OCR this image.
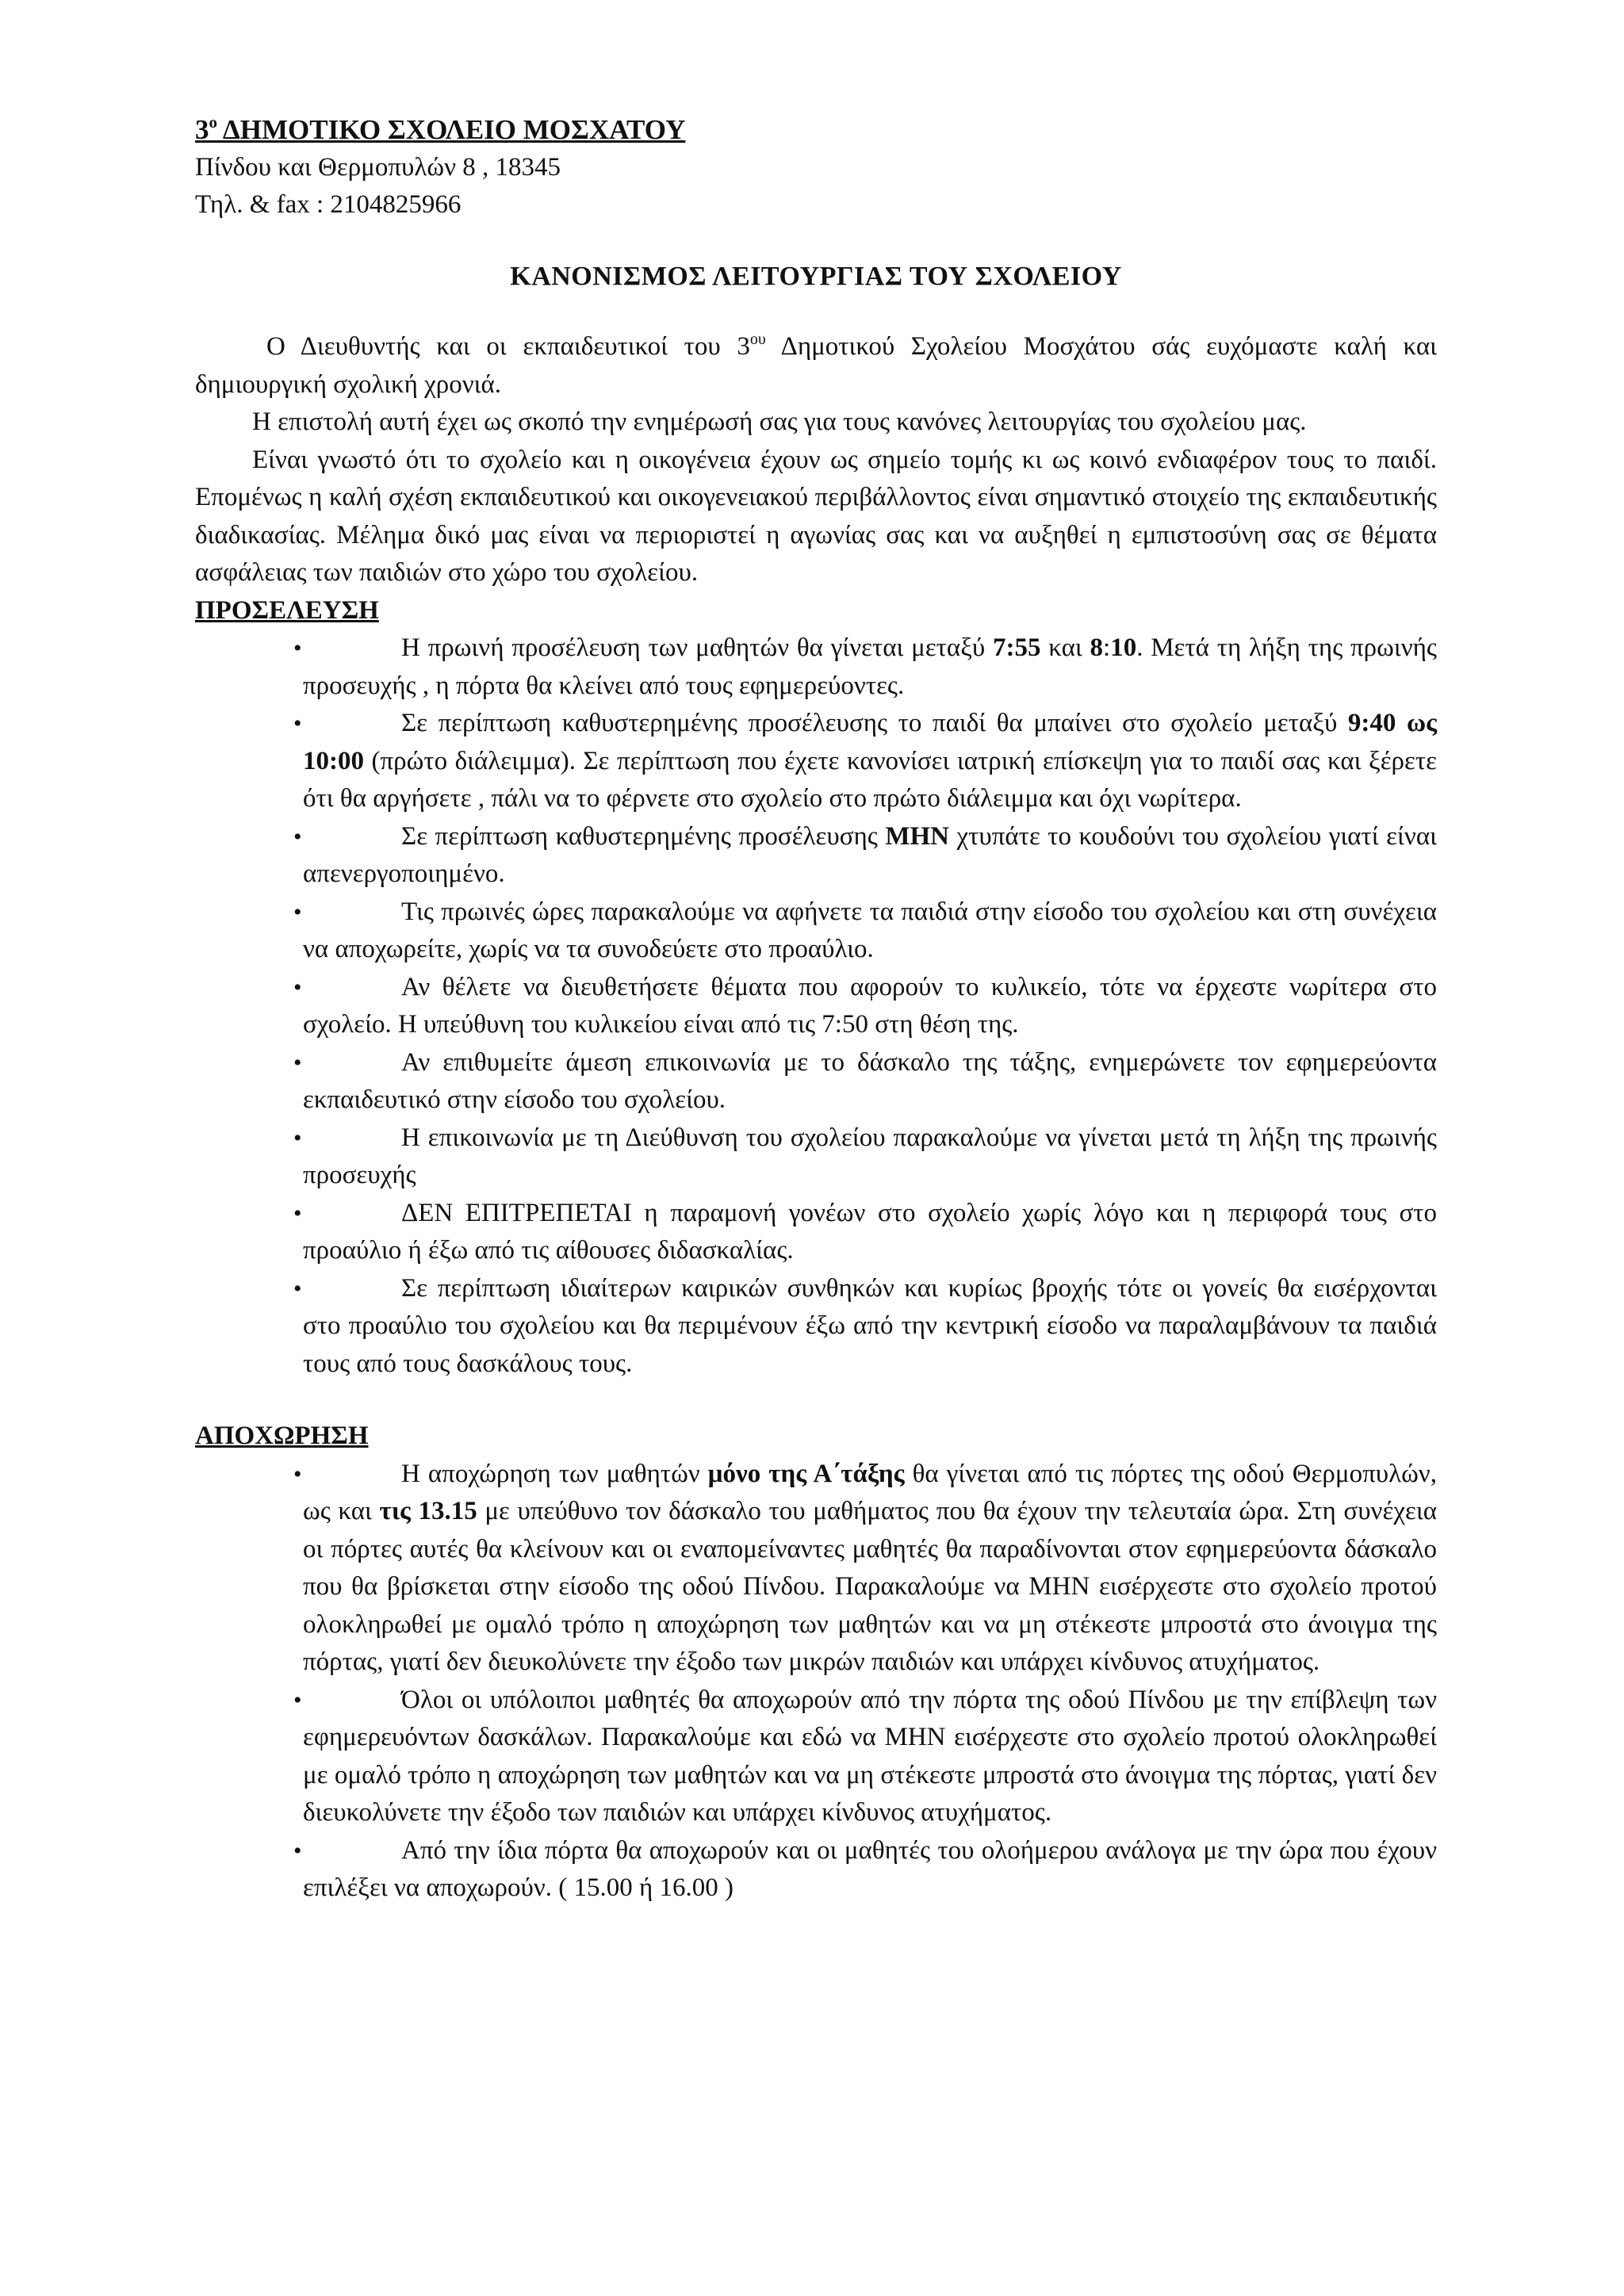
$3^o$ ΔΗΜΟΤΙΚΟ ΣΧΟΛΕΙΟ ΜΟΣΧΑΤΟΥ

Πίνδου και Θερμοπυλών 8 , 18345

Τηλ. & fax : 2104825966

ΚΑΝΟΝΙΣΜΟΣ ΛΕΙΤΟΥΡΓΙΑΣ ΤΟΥ ΣΧΟΛΕΙΟΥ

Ο Διευθυντής και οι εκπαιδευτικοί του $3^{o\upsilon}$ Δημοτικού Σχολείου Μοσχάτου σάς ευχόμαστε καλή και δημιουργική σχολική χρονιά.

Η επιστολή αυτή έχει ως σκοπό την ενημέρωσή σας για τους κανόνες λειτουργίας του σχολείου μας.

Είναι γνωστό ότι το σχολείο και η οικογένεια έχουν ως σημείο τομής κι ως κοινό ενδιαφέρον τους το παιδί. Επομένως η καλή σχέση εκπαιδευτικού και οικογενειακού περιβάλλοντος είναι σημαντικό στοιχείο της εκπαιδευτικής διαδικασίας. Μέλημα δικό μας είναι να περιοριστεί η αγωνίας σας και να αυξηθεί η εμπιστοσύνη σας σε θέματα ασφάλειας των παιδιών στο χώρο του σχολείου.

ΠΡΟΣΕΛΕΥΣΗ

•	Η πρωινή προσέλευση των μαθητών θα γίνεται μεταξύ 7:55 και 8:10. Μετά τη λήξη της πρωινής προσευχής , η πόρτα θα κλείνει από τους εφημερεύοντες.
•	Σε περίπτωση καθυστερημένης προσέλευσης το παιδί θα μπαίνει στο σχολείο μεταξύ 9:40 ως 10:00 (πρώτο διάλειμμα). Σε περίπτωση που έχετε κανονίσει ιατρική επίσκεψη για το παιδί σας και ξέρετε ότι θα αργήσετε , πάλι να το φέρνετε στο σχολείο στο πρώτο διάλειμμα και όχι νωρίτερα.
•	Σε περίπτωση καθυστερημένης προσέλευσης ΜΗΝ χτυπάτε το κουδούνι του σχολείου γιατί είναι απενεργοποιημένο.
•	Τις πρωινές ώρες παρακαλούμε να αφήνετε τα παιδιά στην είσοδο του σχολείου και στη συνέχεια να αποχωρείτε, χωρίς να τα συνοδεύετε στο προαύλιο.
•	Αν θέλετε να διευθετήσετε θέματα που αφορούν το κυλικείο, τότε να έρχεστε νωρίτερα στο σχολείο. Η υπεύθυνη του κυλικείου είναι από τις 7:50 στη θέση της.
•	Αν επιθυμείτε άμεση επικοινωνία με το δάσκαλο της τάξης, ενημερώνετε τον εφημερεύοντα εκπαιδευτικό στην είσοδο του σχολείου.
•	Η επικοινωνία με τη Διεύθυνση του σχολείου παρακαλούμε να γίνεται μετά τη λήξη της πρωινής προσευχής
•	ΔΕΝ ΕΠΙΤΡΕΠΕΤΑΙ η παραμονή γονέων στο σχολείο χωρίς λόγο και η περιφορά τους στο προαύλιο ή έξω από τις αίθουσες διδασκαλίας.
•	Σε περίπτωση ιδιαίτερων καιρικών συνθηκών και κυρίως βροχής τότε οι γονείς θα εισέρχονται στο προαύλιο του σχολείου και θα περιμένουν έξω από την κεντρική είσοδο να παραλαμβάνουν τα παιδιά τους από τους δασκάλους τους.

ΑΠΟΧΩΡΗΣΗ

•	Η αποχώρηση των μαθητών μόνο της Α΄τάξης θα γίνεται από τις πόρτες της οδού Θερμοπυλών, ως και τις 13.15 με υπεύθυνο τον δάσκαλο του μαθήματος που θα έχουν την τελευταία ώρα. Στη συνέχεια οι πόρτες αυτές θα κλείνουν και οι εναπομείναντες μαθητές θα παραδίνονται στον εφημερεύοντα δάσκαλο που θα βρίσκεται στην είσοδο της οδού Πίνδου. Παρακαλούμε να ΜΗΝ εισέρχεστε στο σχολείο προτού ολοκληρωθεί με ομαλό τρόπο η αποχώρηση των μαθητών και να μη στέκεστε μπροστά στο άνοιγμα της πόρτας, γιατί δεν διευκολύνετε την έξοδο των μικρών παιδιών και υπάρχει κίνδυνος ατυχήματος.
•	Όλοι οι υπόλοιποι μαθητές θα αποχωρούν από την πόρτα της οδού Πίνδου με την επίβλεψη των εφημερευόντων δασκάλων. Παρακαλούμε και εδώ να ΜΗΝ εισέρχεστε στο σχολείο προτού ολοκληρωθεί με ομαλό τρόπο η αποχώρηση των μαθητών και να μη στέκεστε μπροστά στο άνοιγμα της πόρτας, γιατί δεν διευκολύνετε την έξοδο των παιδιών και υπάρχει κίνδυνος ατυχήματος.
•	Από την ίδια πόρτα θα αποχωρούν και οι μαθητές του ολοήμερου ανάλογα με την ώρα που έχουν επιλέξει να αποχωρούν. ( 15.00 ή 16.00 )
